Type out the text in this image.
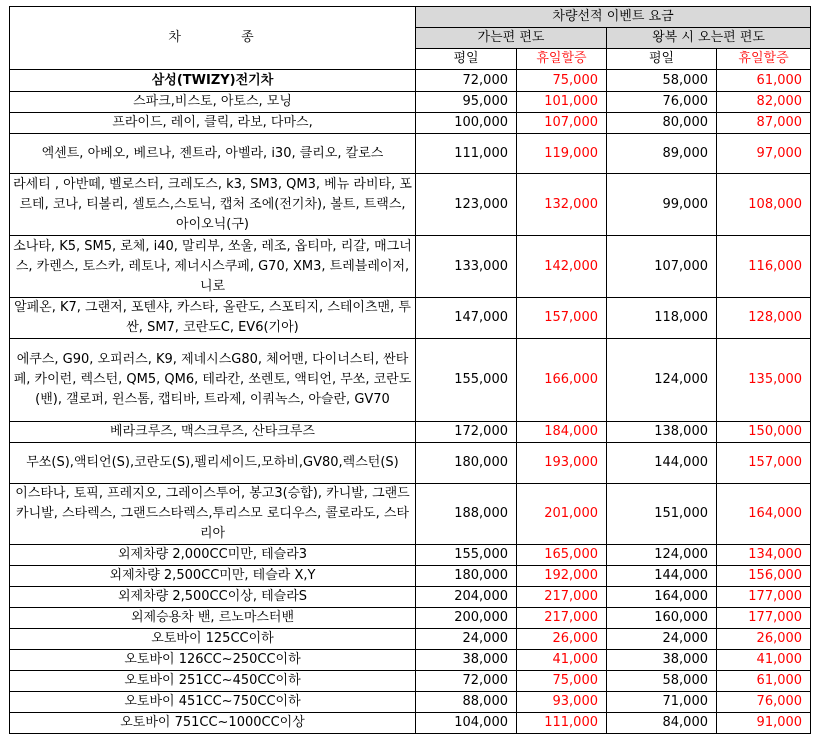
차 종	차량선적 이벤트 요금			
	가는편 편도		왕복 시 오는편 편도	
	평일	휴일할증	평일	휴일할증
삼성(TWIZY)전기차	72,000	75,000	58,000	61,000
스파크,비스토, 아토스, 모닝	95,000	101,000	76,000	82,000
프라이드, 레이, 클릭, 라보, 다마스,	100,000	107,000	80,000	87,000
엑센트, 아베오, 베르나, 젠트라, 아벨라, i30, 클리오, 칼로스	111,000	119,000	89,000	97,000
라세티 , 아반떼, 벨로스터, 크레도스, k3, SM3, QM3, 베뉴 라비타, 포르테, 코나, 티볼리, 셀토스,스토닉, 캡처 조에(전기차), 볼트, 트랙스, 아이오닉(구)	123,000	132,000	99,000	108,000
소나타, K5, SM5, 로체, i40, 말리부, 쏘울, 레조, 옵티마, 리갈, 매그너스, 카렌스, 토스카, 레토나, 제너시스쿠페, G70, XM3, 트레블레이저, 니로	133,000	142,000	107,000	116,000
알페온, K7, 그랜저, 포텐샤, 카스타, 올란도, 스포티지, 스테이츠맨, 투싼, SM7, 코란도C, EV6(기아)	147,000	157,000	118,000	128,000
에쿠스, G90, 오피러스, K9, 제네시스G80, 체어맨, 다이너스티, 싼타페, 카이런, 렉스턴, QM5, QM6, 테라칸, 쏘렌토, 액티언, 무쏘, 코란도(밴), 갤로퍼, 윈스톰, 캡티바, 트라제, 이쿼녹스, 아슬란, GV70	155,000	166,000	124,000	135,000
베라크루즈, 맥스크루즈, 산타크루즈	172,000	184,000	138,000	150,000
무쏘(S),액티언(S),코란도(S),펠리세이드,모하비,GV80,렉스턴(S)	180,000	193,000	144,000	157,000
이스타나, 토픽, 프레지오, 그레이스투어, 봉고3(승합), 카니발, 그랜드카니발, 스타렉스, 그랜드스타렉스,투리스모 로디우스, 콜로라도, 스타리아	188,000	201,000	151,000	164,000
외제차량 2,000CC미만, 테슬라3	155,000	165,000	124,000	134,000
외제차량 2,500CC미만, 테슬라 X,Y	180,000	192,000	144,000	156,000
외제차량 2,500CC이상, 테슬라S	204,000	217,000	164,000	177,000
외제승용차 밴, 르노마스터밴	200,000	217,000	160,000	177,000
오토바이 125CC이하	24,000	26,000	24,000	26,000
오토바이 126CC~250CC이하	38,000	41,000	38,000	41,000
오토바이 251CC~450CC이하	72,000	75,000	58,000	61,000
오토바이 451CC~750CC이하	88,000	93,000	71,000	76,000
오토바이 751CC~1000CC이상	104,000	111,000	84,000	91,000
